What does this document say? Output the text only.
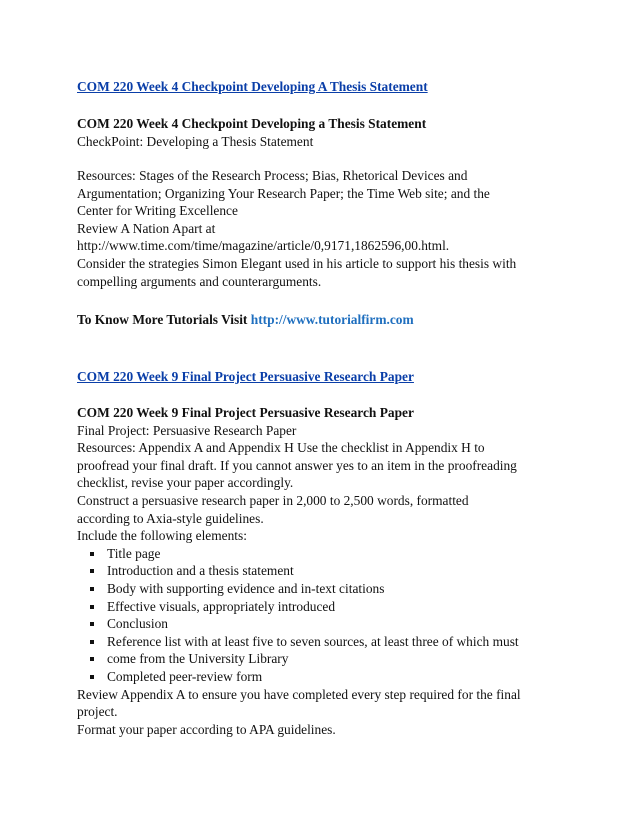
COM 220 Week 4 Checkpoint Developing A Thesis Statement
COM 220 Week 4 Checkpoint Developing a Thesis Statement
CheckPoint: Developing a Thesis Statement
Resources: Stages of the Research Process; Bias, Rhetorical Devices and
Argumentation; Organizing Your Research Paper; the Time Web site; and the
Center for Writing Excellence
Review A Nation Apart at
http://www.time.com/time/magazine/article/0,9171,1862596,00.html.
Consider the strategies Simon Elegant used in his article to support his thesis with
compelling arguments and counterarguments.
To Know More Tutorials Visit http://www.tutorialfirm.com
COM 220 Week 9 Final Project Persuasive Research Paper
COM 220 Week 9 Final Project Persuasive Research Paper
Final Project: Persuasive Research Paper
Resources: Appendix A and Appendix H Use the checklist in Appendix H to
proofread your final draft. If you cannot answer yes to an item in the proofreading
checklist, revise your paper accordingly.
Construct a persuasive research paper in 2,000 to 2,500 words, formatted
according to Axia-style guidelines.
Include the following elements:
Title page
Introduction and a thesis statement
Body with supporting evidence and in-text citations
Effective visuals, appropriately introduced
Conclusion
Reference list with at least five to seven sources, at least three of which must
come from the University Library
Completed peer-review form
Review Appendix A to ensure you have completed every step required for the final
project.
Format your paper according to APA guidelines.
